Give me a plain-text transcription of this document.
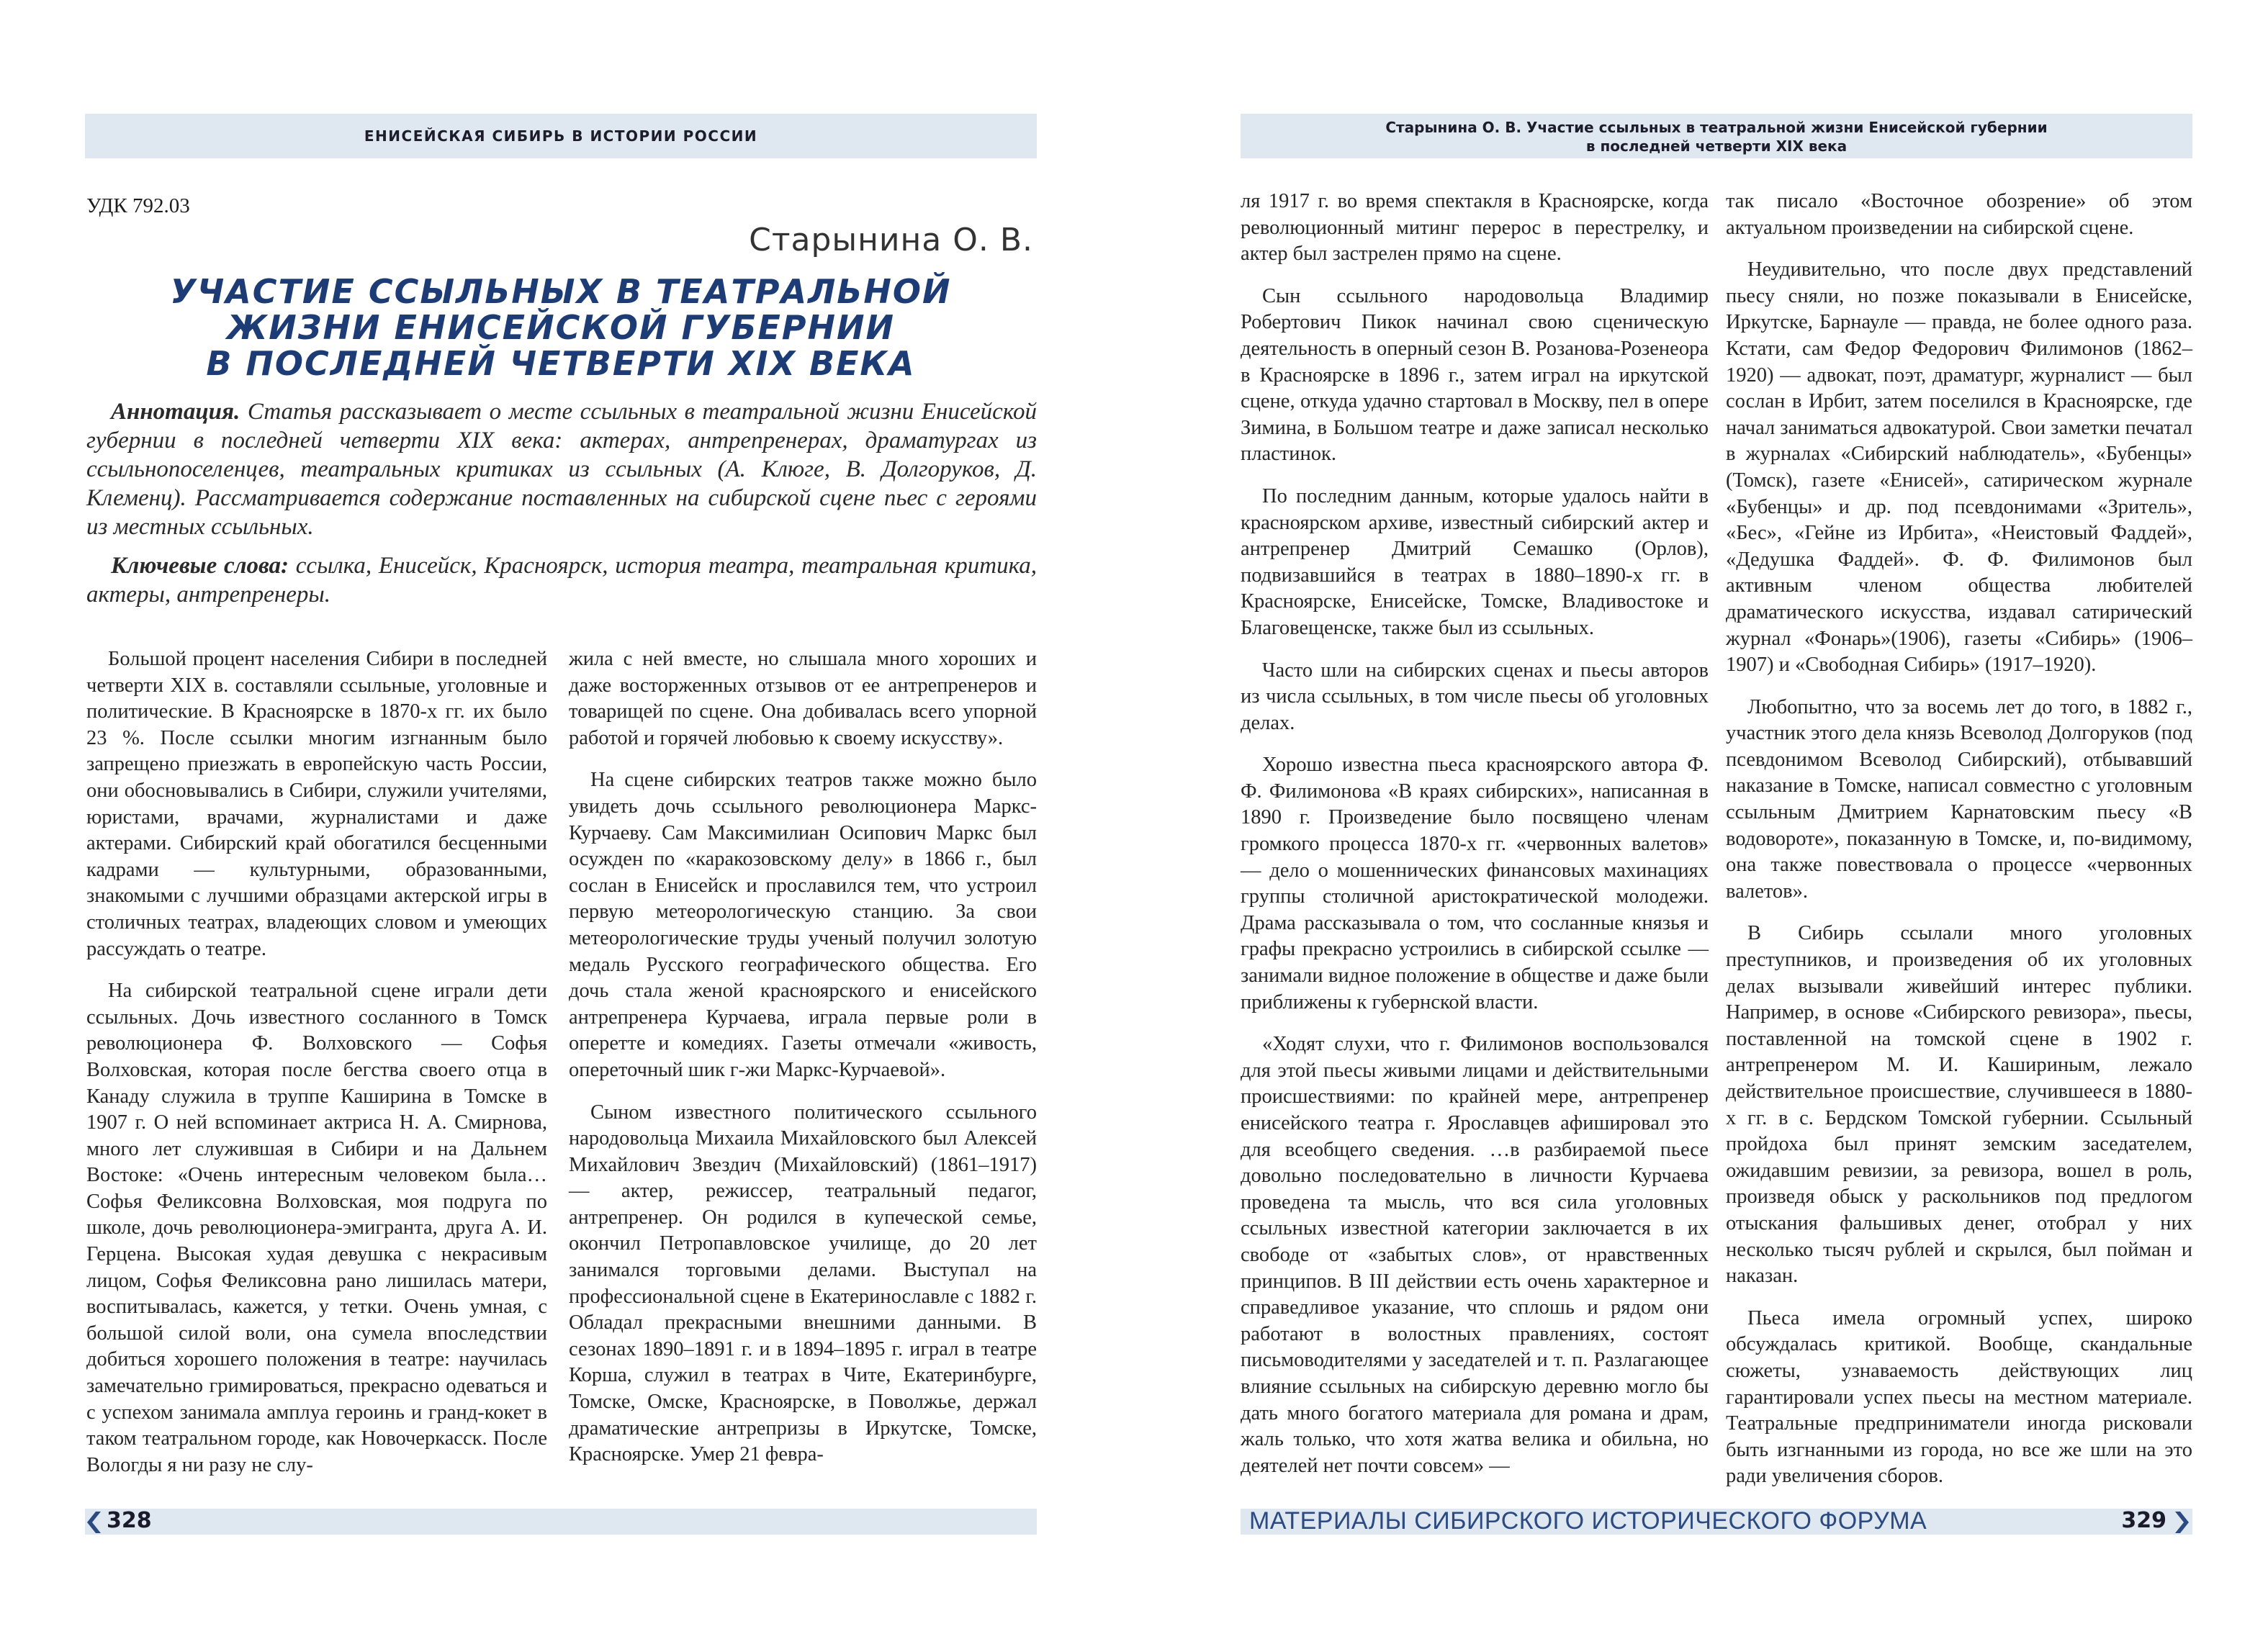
ЕНИСЕЙСКАЯ СИБИРЬ В ИСТОРИИ РОССИИ
УДК 792.03
Старынина О. В.
УЧАСТИЕ ССЫЛЬНЫХ В ТЕАТРАЛЬНОЙ
ЖИЗНИ ЕНИСЕЙСКОЙ ГУБЕРНИИ
В ПОСЛЕДНЕЙ ЧЕТВЕРТИ XIX ВЕКА

Аннотация. Статья рассказывает о месте ссыльных в театральной жизни Енисейской губернии в последней четверти XIX века: актерах, антрепренерах, драматургах из ссыльнопоселенцев, театральных критиках из ссыльных (А. Клюге, В. Долгоруков, Д. Клеменц). Рассматривается содержание поставленных на сибирской сцене пьес с героями из местных ссыльных.

Ключевые слова: ссылка, Енисейск, Красноярск, история театра, театральная критика, актеры, антрепренеры.

Большой процент населения Сибири в последней четверти XIX в. составляли ссыльные, уголовные и политические. В Красноярске в 1870-х гг. их было 23 %. После ссылки многим изгнанным было запрещено приезжать в европейскую часть России, они обосновывались в Сибири, служили учителями, юристами, врачами, журналистами и даже актерами. Сибирский край обогатился бесценными кадрами — культурными, образованными, знакомыми с лучшими образцами актерской игры в столичных театрах, владеющих словом и умеющих рассуждать о театре.

На сибирской театральной сцене играли дети ссыльных. Дочь известного сосланного в Томск революционера Ф. Волховского — Софья Волховская, которая после бегства своего отца в Канаду служила в труппе Каширина в Томске в 1907 г. О ней вспоминает актриса Н. А. Смирнова, много лет служившая в Сибири и на Дальнем Востоке: «Очень интересным человеком была… Софья Феликсовна Волховская, моя подруга по школе, дочь революционера-эмигранта, друга А. И. Герцена. Высокая худая девушка с некрасивым лицом, Софья Феликсовна рано лишилась матери, воспитывалась, кажется, у тетки. Очень умная, с большой силой воли, она сумела впоследствии добиться хорошего положения в театре: научилась замечательно гримироваться, прекрасно одеваться и с успехом занимала амплуа героинь и гранд-кокет в таком театральном городе, как Новочеркасск. После Вологды я ни разу не слу-

жила с ней вместе, но слышала много хороших и даже восторженных отзывов от ее антрепренеров и товарищей по сцене. Она добивалась всего упорной работой и горячей любовью к своему искусству».

На сцене сибирских театров также можно было увидеть дочь ссыльного революционера Маркс-Курчаеву. Сам Максимилиан Осипович Маркс был осужден по «каракозовскому делу» в 1866 г., был сослан в Енисейск и прославился тем, что устроил первую метеорологическую станцию. За свои метеорологические труды ученый получил золотую медаль Русского географического общества. Его дочь стала женой красноярского и енисейского антрепренера Курчаева, играла первые роли в оперетте и комедиях. Газеты отмечали «живость, опереточный шик г-жи Маркс-Курчаевой».

Сыном известного политического ссыльного народовольца Михаила Михайловского был Алексей Михайлович Звездич (Михайловский) (1861–1917) — актер, режиссер, театральный педагог, антрепренер. Он родился в купеческой семье, окончил Петропавловское училище, до 20 лет занимался торговыми делами. Выступал на профессиональной сцене в Екатеринославле с 1882 г. Обладал прекрасными внешними данными. В сезонах 1890–1891 г. и в 1894–1895 г. играл в театре Корша, служил в театрах в Чите, Екатеринбурге, Томске, Омске, Красноярске, в Поволжье, держал драматические антрепризы в Иркутске, Томске, Красноярске. Умер 21 февра-

328
Старынина О. В. Участие ссыльных в театральной жизни Енисейской губернии
в последней четверти XIX века

ля 1917 г. во время спектакля в Красноярске, когда революционный митинг перерос в перестрелку, и актер был застрелен прямо на сцене.

Сын ссыльного народовольца Владимир Робертович Пикок начинал свою сценическую деятельность в оперный сезон В. Розанова-Розенеора в Красноярске в 1896 г., затем играл на иркутской сцене, откуда удачно стартовал в Москву, пел в опере Зимина, в Большом театре и даже записал несколько пластинок.

По последним данным, которые удалось найти в красноярском архиве, известный сибирский актер и антрепренер Дмитрий Семашко (Орлов), подвизавшийся в театрах в 1880–1890-х гг. в Красноярске, Енисейске, Томске, Владивостоке и Благовещенске, также был из ссыльных.

Часто шли на сибирских сценах и пьесы авторов из числа ссыльных, в том числе пьесы об уголовных делах.

Хорошо известна пьеса красноярского автора Ф. Ф. Филимонова «В краях сибирских», написанная в 1890 г. Произведение было посвящено членам громкого процесса 1870-х гг. «червонных валетов» — дело о мошеннических финансовых махинациях группы столичной аристократической молодежи. Драма рассказывала о том, что сосланные князья и графы прекрасно устроились в сибирской ссылке — занимали видное положение в обществе и даже были приближены к губернской власти.

«Ходят слухи, что г. Филимонов воспользовался для этой пьесы живыми лицами и действительными происшествиями: по крайней мере, антрепренер енисейского театра г. Ярославцев афишировал это для всеобщего сведения. …в разбираемой пьесе довольно последовательно в личности Курчаева проведена та мысль, что вся сила уголовных ссыльных известной категории заключается в их свободе от «забытых слов», от нравственных принципов. В III действии есть очень характерное и справедливое указание, что сплошь и рядом они работают в волостных правлениях, состоят письмоводителями у заседателей и т. п. Разлагающее влияние ссыльных на сибирскую деревню могло бы дать много богатого материала для романа и драм, жаль только, что хотя жатва велика и обильна, но деятелей нет почти совсем» —

так писало «Восточное обозрение» об этом актуальном произведении на сибирской сцене.

Неудивительно, что после двух представлений пьесу сняли, но позже показывали в Енисейске, Иркутске, Барнауле — правда, не более одного раза. Кстати, сам Федор Федорович Филимонов (1862–1920) — адвокат, поэт, драматург, журналист — был сослан в Ирбит, затем поселился в Красноярске, где начал заниматься адвокатурой. Свои заметки печатал в журналах «Сибирский наблюдатель», «Бубенцы» (Томск), газете «Енисей», сатирическом журнале «Бубенцы» и др. под псевдонимами «Зритель», «Бес», «Гейне из Ирбита», «Неистовый Фаддей», «Дедушка Фаддей». Ф. Ф. Филимонов был активным членом общества любителей драматического искусства, издавал сатирический журнал «Фонарь»(1906), газеты «Сибирь» (1906–1907) и «Свободная Сибирь» (1917–1920).

Любопытно, что за восемь лет до того, в 1882 г., участник этого дела князь Всеволод Долгоруков (под псевдонимом Всеволод Сибирский), отбывавший наказание в Томске, написал совместно с уголовным ссыльным Дмитрием Карнатовским пьесу «В водовороте», показанную в Томске, и, по-видимому, она также повествовала о процессе «червонных валетов».

В Сибирь ссылали много уголовных преступников, и произведения об их уголовных делах вызывали живейший интерес публики. Например, в основе «Сибирского ревизора», пьесы, поставленной на томской сцене в 1902 г. антрепренером М. И. Кашириным, лежало действительное происшествие, случившееся в 1880-х гг. в с. Бердском Томской губернии. Ссыльный пройдоха был принят земским заседателем, ожидавшим ревизии, за ревизора, вошел в роль, произведя обыск у раскольников под предлогом отыскания фальшивых денег, отобрал у них несколько тысяч рублей и скрылся, был пойман и наказан.

Пьеса имела огромный успех, широко обсуждалась критикой. Вообще, скандальные сюжеты, узнаваемость действующих лиц гарантировали успех пьесы на местном материале. Театральные предприниматели иногда рисковали быть изгнанными из города, но все же шли на это ради увеличения сборов.

МАТЕРИАЛЫ СИБИРСКОГО ИСТОРИЧЕСКОГО ФОРУМА	329
